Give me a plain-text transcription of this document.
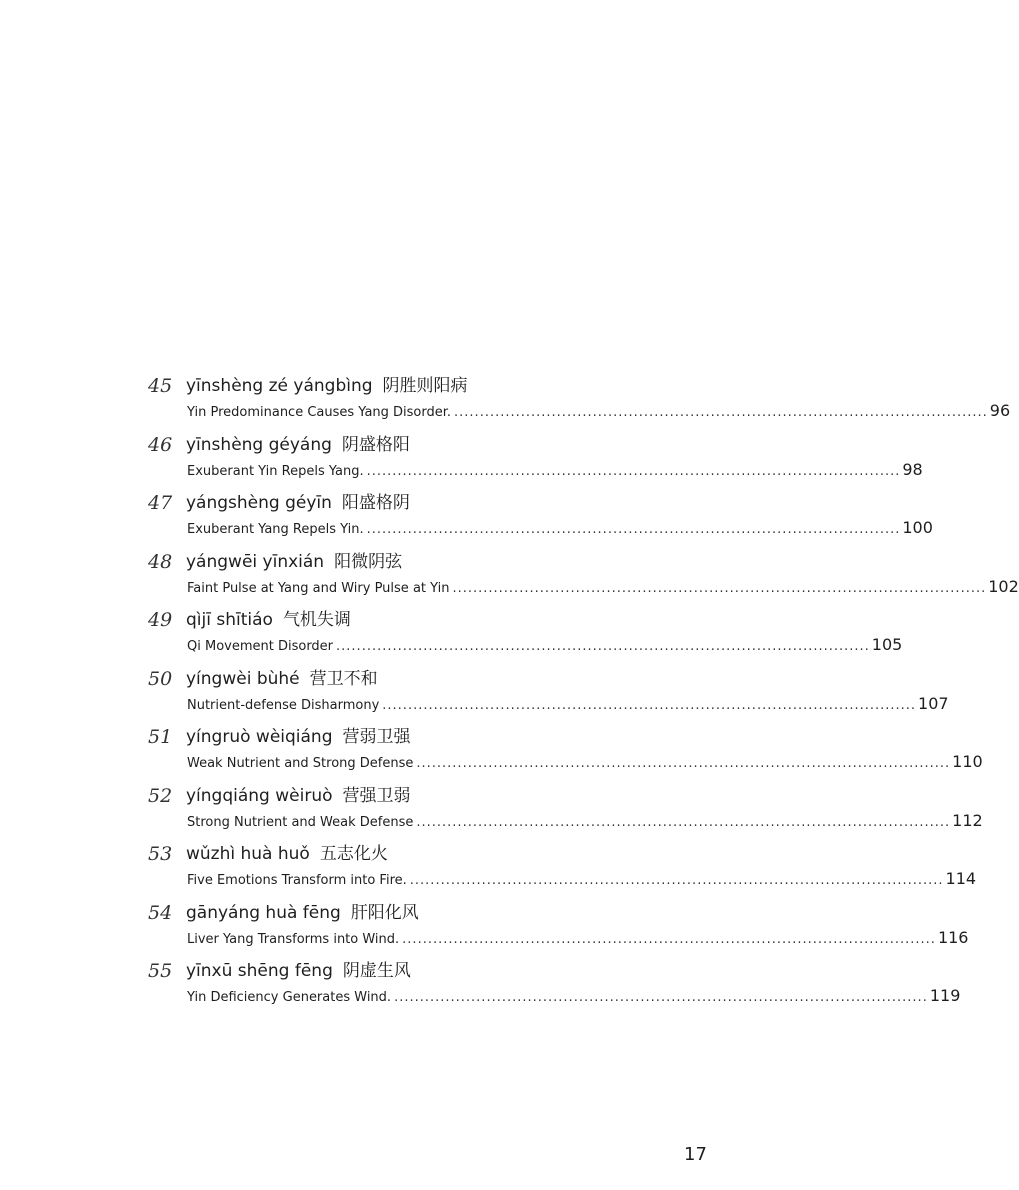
45 yīnshèng zé yángbìng 阴胜则阳病
Yin Predominance Causes Yang Disorder. ........................................................................................................ 96
46 yīnshèng géyáng 阴盛格阳
Exuberant Yin Repels Yang. ........................................................................................................ 98
47 yángshèng géyīn 阳盛格阴
Exuberant Yang Repels Yin. ........................................................................................................ 100
48 yángwēi yīnxián 阳微阴弦
Faint Pulse at Yang and Wiry Pulse at Yin ........................................................................................................ 102
49 qìjī shītiáo 气机失调
Qi Movement Disorder ........................................................................................................ 105
50 yíngwèi bùhé 营卫不和
Nutrient-defense Disharmony ........................................................................................................ 107
51 yíngruò wèiqiáng 营弱卫强
Weak Nutrient and Strong Defense ........................................................................................................ 110
52 yíngqiáng wèiruò 营强卫弱
Strong Nutrient and Weak Defense ........................................................................................................ 112
53 wǔzhì huà huǒ 五志化火
Five Emotions Transform into Fire. ........................................................................................................ 114
54 gānyáng huà fēng 肝阳化风
Liver Yang Transforms into Wind. ........................................................................................................ 116
55 yīnxū shēng fēng 阴虚生风
Yin Deficiency Generates Wind. ........................................................................................................ 119
17
